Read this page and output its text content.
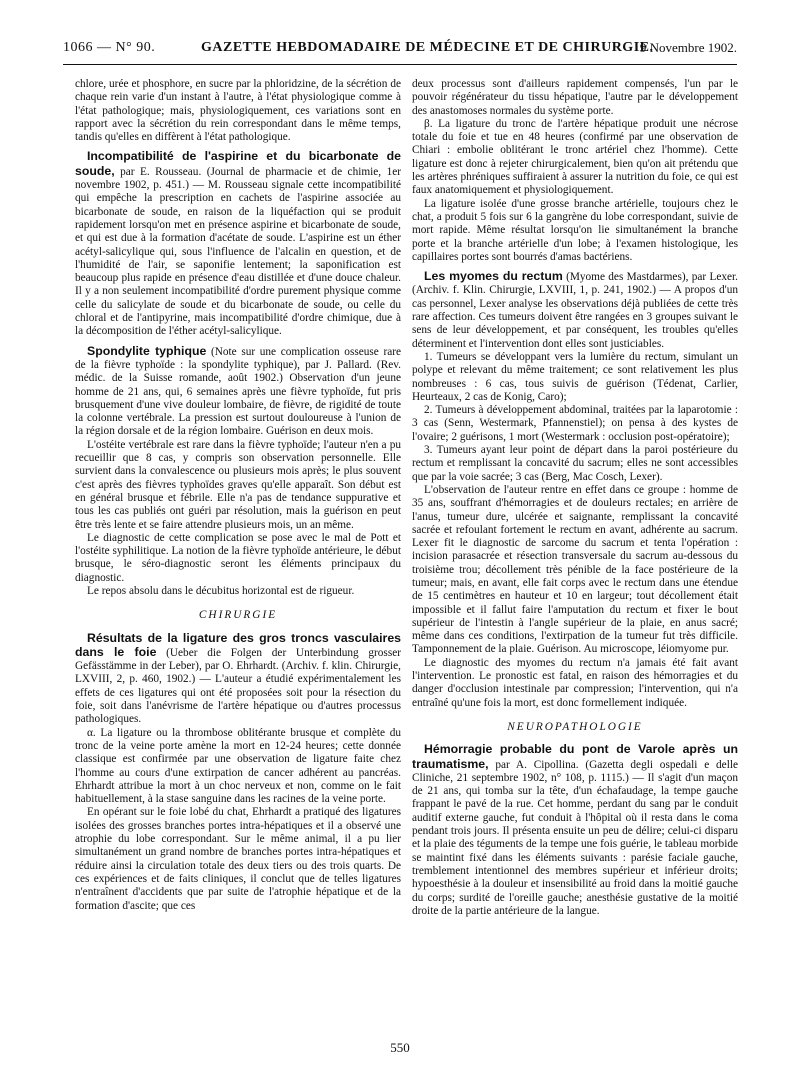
1066 — N° 90.	GAZETTE HEBDOMADAIRE DE MÉDECINE ET DE CHIRURGIE.
9 Novembre 1902.

chlore, urée et phosphore, en sucre par la phloridzine, de la sécrétion de chaque rein varie d'un instant à l'autre, à l'état physiologique comme à l'état pathologique; mais, physiologiquement, ces variations sont en rapport avec la sécrétion du rein correspondant dans le même temps, tandis qu'elles en diffèrent à l'état pathologique.

Incompatibilité de l'aspirine et du bicarbonate de soude, par E. Rousseau. (Journal de pharmacie et de chimie, 1er novembre 1902, p. 451.) — M. Rousseau signale cette incompatibilité qui empêche la prescription en cachets de l'aspirine associée au bicarbonate de soude, en raison de la liquéfaction qui se produit rapidement lorsqu'on met en présence aspirine et bicarbonate de soude, et qui est due à la formation d'acétate de soude. L'aspirine est un éther acétyl-salicylique qui, sous l'influence de l'alcalin en question, et de l'humidité de l'air, se saponifie lentement; la saponification est beaucoup plus rapide en présence d'eau distillée et d'une douce chaleur. Il y a non seulement incompatibilité d'ordre purement physique comme celle du salicylate de soude et du bicarbonate de soude, ou celle du chloral et de l'antipyrine, mais incompatibilité d'ordre chimique, due à la décomposition de l'éther acétyl-salicylique.

Spondylite typhique (Note sur une complication osseuse rare de la fièvre typhoïde : la spondylite typhique), par J. Pallard. (Rev. médic. de la Suisse romande, août 1902.) Observation d'un jeune homme de 21 ans, qui, 6 semaines après une fièvre typhoïde, fut pris brusquement d'une vive douleur lombaire, de fièvre, de rigidité de toute la colonne vertébrale. La pression est surtout douloureuse à l'union de la région dorsale et de la région lombaire. Guérison en deux mois.

L'ostéite vertébrale est rare dans la fièvre typhoïde; l'auteur n'en a pu recueillir que 8 cas, y compris son observation personnelle. Elle survient dans la convalescence ou plusieurs mois après; le plus souvent c'est après des fièvres typhoïdes graves qu'elle apparaît. Son début est en général brusque et fébrile. Elle n'a pas de tendance suppurative et tous les cas publiés ont guéri par résolution, mais la guérison en peut être très lente et se faire attendre plusieurs mois, un an même.

Le diagnostic de cette complication se pose avec le mal de Pott et l'ostéite syphilitique. La notion de la fièvre typhoïde antérieure, le début brusque, le séro-diagnostic seront les éléments principaux du diagnostic.

Le repos absolu dans le décubitus horizontal est de rigueur.

CHIRURGIE

Résultats de la ligature des gros troncs vasculaires dans le foie (Ueber die Folgen der Unterbindung grosser Gefässtämme in der Leber), par O. Ehrhardt. (Archiv. f. klin. Chirurgie, LXVIII, 2, p. 460, 1902.) — L'auteur a étudié expérimentalement les effets de ces ligatures qui ont été proposées soit pour la résection du foie, soit dans l'anévrisme de l'artère hépatique ou d'autres processus pathologiques.

α. La ligature ou la thrombose oblitérante brusque et complète du tronc de la veine porte amène la mort en 12-24 heures; cette donnée classique est confirmée par une observation de ligature faite chez l'homme au cours d'une extirpation de cancer adhérent au pancréas. Ehrhardt attribue la mort à un choc nerveux et non, comme on le fait habituellement, à la stase sanguine dans les racines de la veine porte.

En opérant sur le foie lobé du chat, Ehrhardt a pratiqué des ligatures isolées des grosses branches portes intra-hépatiques et il a observé une atrophie du lobe correspondant. Sur le même animal, il a pu lier simultanément un grand nombre de branches portes intra-hépatiques et réduire ainsi la circulation totale des deux tiers ou des trois quarts. De ces expériences et de faits cliniques, il conclut que de telles ligatures n'entraînent d'accidents que par suite de l'atrophie hépatique et de la formation d'ascite; que ces

deux processus sont d'ailleurs rapidement compensés, l'un par le pouvoir régénérateur du tissu hépatique, l'autre par le développement des anastomoses normales du système porte.

β. La ligature du tronc de l'artère hépatique produit une nécrose totale du foie et tue en 48 heures (confirmé par une observation de Chiari : embolie oblitérant le tronc artériel chez l'homme). Cette ligature est donc à rejeter chirurgicalement, bien qu'on ait prétendu que les artères phréniques suffiraient à assurer la nutrition du foie, ce qui est faux anatomiquement et physiologiquement.

La ligature isolée d'une grosse branche artérielle, toujours chez le chat, a produit 5 fois sur 6 la gangrène du lobe correspondant, suivie de mort rapide. Même résultat lorsqu'on lie simultanément la branche porte et la branche artérielle d'un lobe; à l'examen histologique, les capillaires portes sont bourrés d'amas bactériens.

Les myomes du rectum (Myome des Mastdarmes), par Lexer. (Archiv. f. Klin. Chirurgie, LXVIII, 1, p. 241, 1902.) — A propos d'un cas personnel, Lexer analyse les observations déjà publiées de cette très rare affection. Ces tumeurs doivent être rangées en 3 groupes suivant le sens de leur développement, et par conséquent, les troubles qu'elles déterminent et l'intervention dont elles sont justiciables.

1. Tumeurs se développant vers la lumière du rectum, simulant un polype et relevant du même traitement; ce sont relativement les plus nombreuses : 6 cas, tous suivis de guérison (Tédenat, Carlier, Heurteaux, 2 cas de Konig, Caro);

2. Tumeurs à développement abdominal, traitées par la laparotomie : 3 cas (Senn, Westermark, Pfannenstiel); on pensa à des kystes de l'ovaire; 2 guérisons, 1 mort (Westermark : occlusion post-opératoire);

3. Tumeurs ayant leur point de départ dans la paroi postérieure du rectum et remplissant la concavité du sacrum; elles ne sont accessibles que par la voie sacrée; 3 cas (Berg, Mac Cosch, Lexer).

L'observation de l'auteur rentre en effet dans ce groupe : homme de 35 ans, souffrant d'hémorragies et de douleurs rectales; en arrière de l'anus, tumeur dure, ulcérée et saignante, remplissant la concavité sacrée et refoulant fortement le rectum en avant, adhérente au sacrum. Lexer fit le diagnostic de sarcome du sacrum et tenta l'opération : incision parasacrée et résection transversale du sacrum au-dessous du troisième trou; décollement très pénible de la face postérieure de la tumeur; mais, en avant, elle fait corps avec le rectum dans une étendue de 15 centimètres en hauteur et 10 en largeur; tout décollement était impossible et il fallut faire l'amputation du rectum et fixer le bout supérieur de l'intestin à l'angle supérieur de la plaie, en anus sacré; même dans ces conditions, l'extirpation de la tumeur fut très difficile. Tamponnement de la plaie. Guérison. Au microscope, léiomyome pur.

Le diagnostic des myomes du rectum n'a jamais été fait avant l'intervention. Le pronostic est fatal, en raison des hémorragies et du danger d'occlusion intestinale par compression; l'intervention, qui n'a entraîné qu'une fois la mort, est donc formellement indiquée.

NEUROPATHOLOGIE

Hémorragie probable du pont de Varole après un traumatisme, par A. Cipollina. (Gazetta degli ospedali e delle Cliniche, 21 septembre 1902, n° 108, p. 1115.) — Il s'agit d'un maçon de 21 ans, qui tomba sur la tête, d'un échafaudage, la tempe gauche frappant le pavé de la rue. Cet homme, perdant du sang par le conduit auditif externe gauche, fut conduit à l'hôpital où il resta dans le coma pendant trois jours. Il présenta ensuite un peu de délire; celui-ci disparu et la plaie des téguments de la tempe une fois guérie, le tableau morbide se maintint fixé dans les éléments suivants : parésie faciale gauche, tremblement intentionnel des membres supérieur et inférieur droits; hypoesthésie à la douleur et insensibilité au froid dans la moitié gauche du corps; surdité de l'oreille gauche; anesthésie gustative de la moitié droite de la partie antérieure de la langue.

550
